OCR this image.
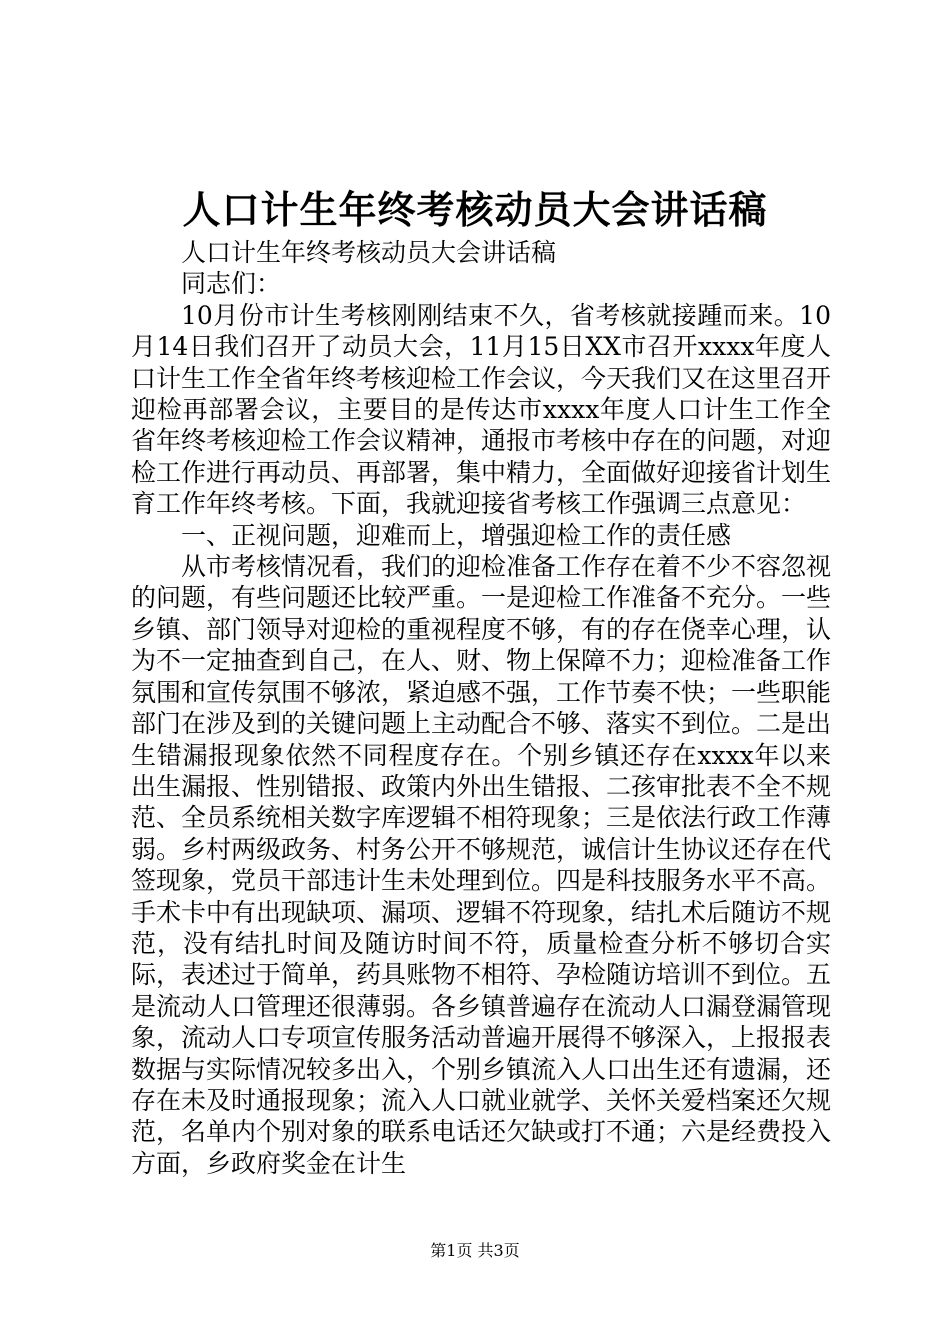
人口计生年终考核动员大会讲话稿

人口计生年终考核动员大会讲话稿

同志们：

10月份市计生考核刚刚结束不久，省考核就接踵而来。10月14日我们召开了动员大会，11月15日XX市召开xxxx年度人口计生工作全省年终考核迎检工作会议，今天我们又在这里召开迎检再部署会议，主要目的是传达市xxxx年度人口计生工作全省年终考核迎检工作会议精神，通报市考核中存在的问题，对迎检工作进行再动员、再部署，集中精力，全面做好迎接省计划生育工作年终考核。下面，我就迎接省考核工作强调三点意见：

一、正视问题，迎难而上，增强迎检工作的责任感

从市考核情况看，我们的迎检准备工作存在着不少不容忽视的问题，有些问题还比较严重。一是迎检工作准备不充分。一些乡镇、部门领导对迎检的重视程度不够，有的存在侥幸心理，认为不一定抽查到自己，在人、财、物上保障不力；迎检准备工作氛围和宣传氛围不够浓，紧迫感不强，工作节奏不快；一些职能部门在涉及到的关键问题上主动配合不够、落实不到位。二是出生错漏报现象依然不同程度存在。个别乡镇还存在xxxx年以来出生漏报、性别错报、政策内外出生错报、二孩审批表不全不规范、全员系统相关数字库逻辑不相符现象；三是依法行政工作薄弱。乡村两级政务、村务公开不够规范，诚信计生协议还存在代签现象，党员干部违计生未处理到位。四是科技服务水平不高。手术卡中有出现缺项、漏项、逻辑不符现象，结扎术后随访不规范，没有结扎时间及随访时间不符，质量检查分析不够切合实际，表述过于简单，药具账物不相符、孕检随访培训不到位。五是流动人口管理还很薄弱。各乡镇普遍存在流动人口漏登漏管现象，流动人口专项宣传服务活动普遍开展得不够深入，上报报表数据与实际情况较多出入，个别乡镇流入人口出生还有遗漏，还存在未及时通报现象；流入人口就业就学、关怀关爱档案还欠规范，名单内个别对象的联系电话还欠缺或打不通；六是经费投入方面，乡政府奖金在计生

第1页 共3页
